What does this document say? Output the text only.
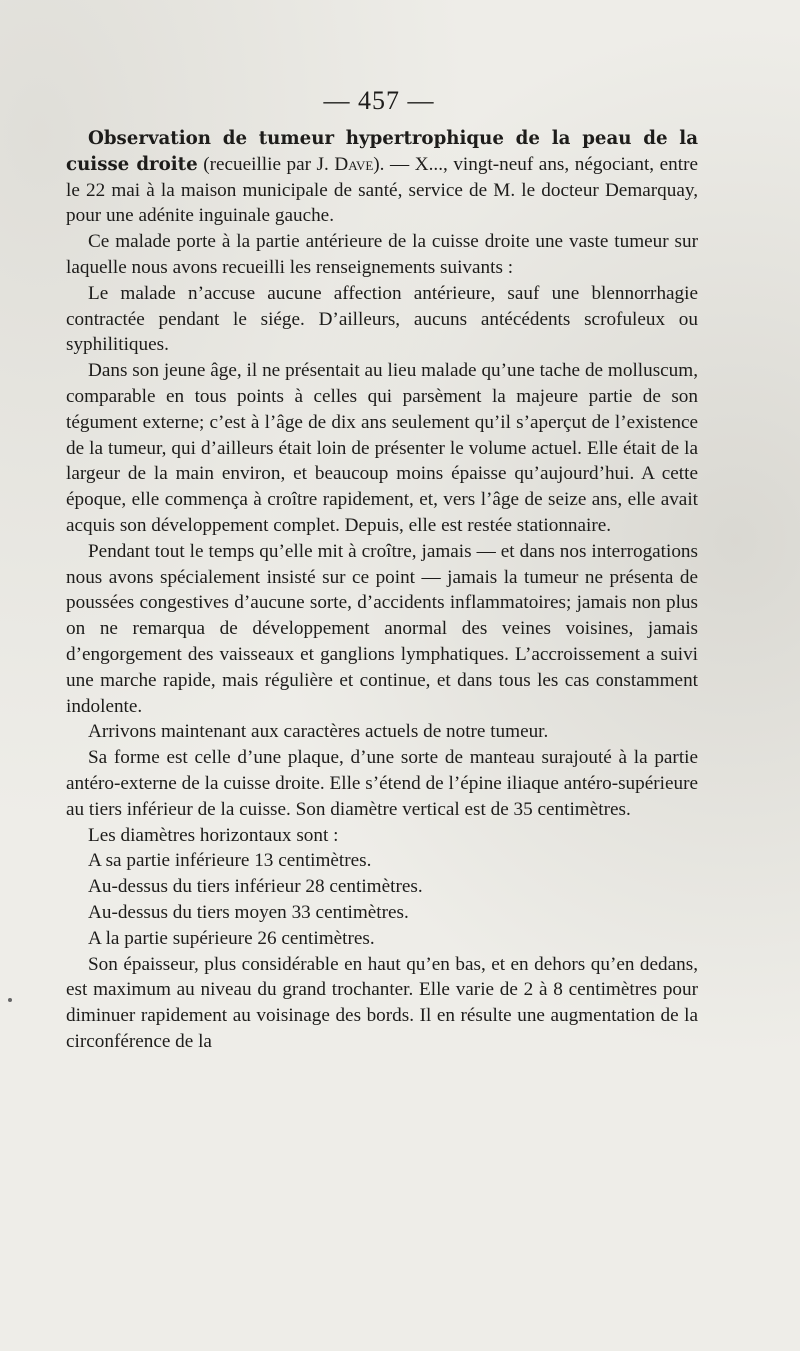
— 457 —

Observation de tumeur hypertrophique de la peau de la cuisse droite (recueillie par J. Dave). — X..., vingt-neuf ans, négociant, entre le 22 mai à la maison municipale de santé, service de M. le docteur Demarquay, pour une adénite inguinale gauche.

Ce malade porte à la partie antérieure de la cuisse droite une vaste tumeur sur laquelle nous avons recueilli les renseignements suivants :

Le malade n’accuse aucune affection antérieure, sauf une blennorrhagie contractée pendant le siége. D’ailleurs, aucuns antécédents scrofuleux ou syphilitiques.

Dans son jeune âge, il ne présentait au lieu malade qu’une tache de molluscum, comparable en tous points à celles qui parsèment la majeure partie de son tégument externe; c’est à l’âge de dix ans seulement qu’il s’aperçut de l’existence de la tumeur, qui d’ailleurs était loin de présenter le volume actuel. Elle était de la largeur de la main environ, et beaucoup moins épaisse qu’aujourd’hui. A cette époque, elle commença à croître rapidement, et, vers l’âge de seize ans, elle avait acquis son développement complet. Depuis, elle est restée stationnaire.

Pendant tout le temps qu’elle mit à croître, jamais — et dans nos interrogations nous avons spécialement insisté sur ce point — jamais la tumeur ne présenta de poussées congestives d’aucune sorte, d’accidents inflammatoires; jamais non plus on ne remarqua de développement anormal des veines voisines, jamais d’engorgement des vaisseaux et ganglions lymphatiques. L’accroissement a suivi une marche rapide, mais régulière et continue, et dans tous les cas constamment indolente.

Arrivons maintenant aux caractères actuels de notre tumeur.

Sa forme est celle d’une plaque, d’une sorte de manteau surajouté à la partie antéro-externe de la cuisse droite. Elle s’étend de l’épine iliaque antéro-supérieure au tiers inférieur de la cuisse. Son diamètre vertical est de 35 centimètres.

Les diamètres horizontaux sont :

A sa partie inférieure 13 centimètres.

Au-dessus du tiers inférieur 28 centimètres.

Au-dessus du tiers moyen 33 centimètres.

A la partie supérieure 26 centimètres.

Son épaisseur, plus considérable en haut qu’en bas, et en dehors qu’en dedans, est maximum au niveau du grand trochanter. Elle varie de 2 à 8 centimètres pour diminuer rapidement au voisinage des bords. Il en résulte une augmentation de la circonférence de la
